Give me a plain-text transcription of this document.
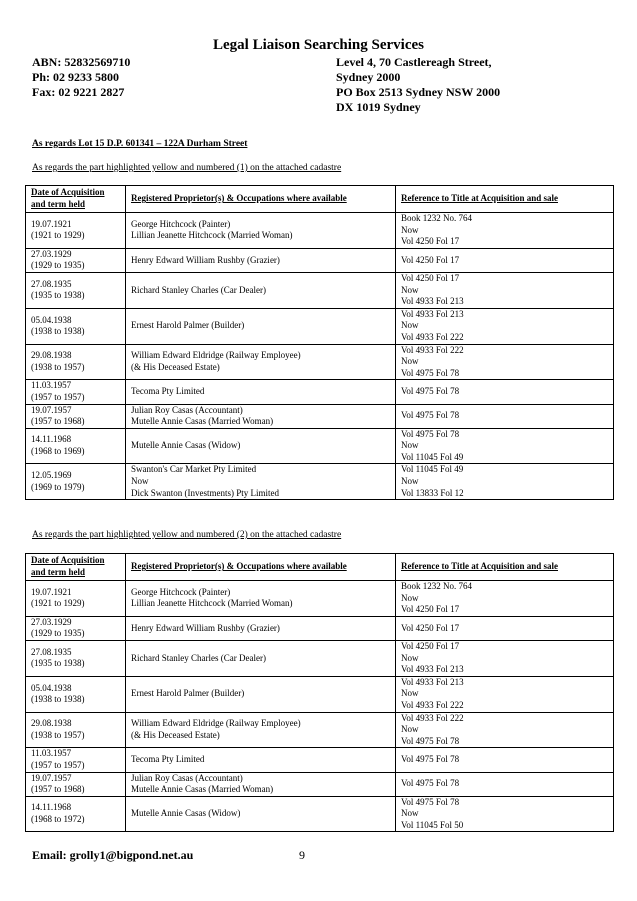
Legal Liaison Searching Services
ABN: 52832569710
Ph: 02 9233 5800
Fax: 02 9221 2827
Level 4, 70 Castlereagh Street,
Sydney 2000
PO Box 2513 Sydney NSW 2000
DX 1019 Sydney
As regards Lot 15 D.P. 601341 – 122A Durham Street
As regards the part highlighted yellow and numbered (1) on the attached cadastre
Date of Acquisition and term held	Registered Proprietor(s) & Occupations where available	Reference to Title at Acquisition and sale

19.07.1921
(1921 to 1929)	George Hitchcock (Painter)
Lillian Jeanette Hitchcock (Married Woman)	Book 1232 No. 764
Now
Vol 4250 Fol 17

27.03.1929
(1929 to 1935)	Henry Edward William Rushby (Grazier)	Vol 4250 Fol 17

27.08.1935
(1935 to 1938)	Richard Stanley Charles (Car Dealer)	Vol 4250 Fol 17
Now
Vol 4933 Fol 213

05.04.1938
(1938 to 1938)	Ernest Harold Palmer (Builder)	Vol 4933 Fol 213
Now
Vol 4933 Fol 222

29.08.1938
(1938 to 1957)	William Edward Eldridge (Railway Employee)
(& His Deceased Estate)	Vol 4933 Fol 222
Now
Vol 4975 Fol 78

11.03.1957
(1957 to 1957)	Tecoma Pty Limited	Vol 4975 Fol 78

19.07.1957
(1957 to 1968)	Julian Roy Casas (Accountant)
Mutelle Annie Casas (Married Woman)	Vol 4975 Fol 78

14.11.1968
(1968 to 1969)	Mutelle Annie Casas (Widow)	Vol 4975 Fol 78
Now
Vol 11045 Fol 49

12.05.1969
(1969 to 1979)	Swanton's Car Market Pty Limited
Now
Dick Swanton (Investments) Pty Limited	Vol 11045 Fol 49
Now
Vol 13833 Fol 12
As regards the part highlighted yellow and numbered (2) on the attached cadastre
Date of Acquisition and term held	Registered Proprietor(s) & Occupations where available	Reference to Title at Acquisition and sale

19.07.1921
(1921 to 1929)	George Hitchcock (Painter)
Lillian Jeanette Hitchcock (Married Woman)	Book 1232 No. 764
Now
Vol 4250 Fol 17

27.03.1929
(1929 to 1935)	Henry Edward William Rushby (Grazier)	Vol 4250 Fol 17

27.08.1935
(1935 to 1938)	Richard Stanley Charles (Car Dealer)	Vol 4250 Fol 17
Now
Vol 4933 Fol 213

05.04.1938
(1938 to 1938)	Ernest Harold Palmer (Builder)	Vol 4933 Fol 213
Now
Vol 4933 Fol 222

29.08.1938
(1938 to 1957)	William Edward Eldridge (Railway Employee)
(& His Deceased Estate)	Vol 4933 Fol 222
Now
Vol 4975 Fol 78

11.03.1957
(1957 to 1957)	Tecoma Pty Limited	Vol 4975 Fol 78

19.07.1957
(1957 to 1968)	Julian Roy Casas (Accountant)
Mutelle Annie Casas (Married Woman)	Vol 4975 Fol 78

14.11.1968
(1968 to 1972)	Mutelle Annie Casas (Widow)	Vol 4975 Fol 78
Now
Vol 11045 Fol 50
Email: grolly1@bigpond.net.au	9
